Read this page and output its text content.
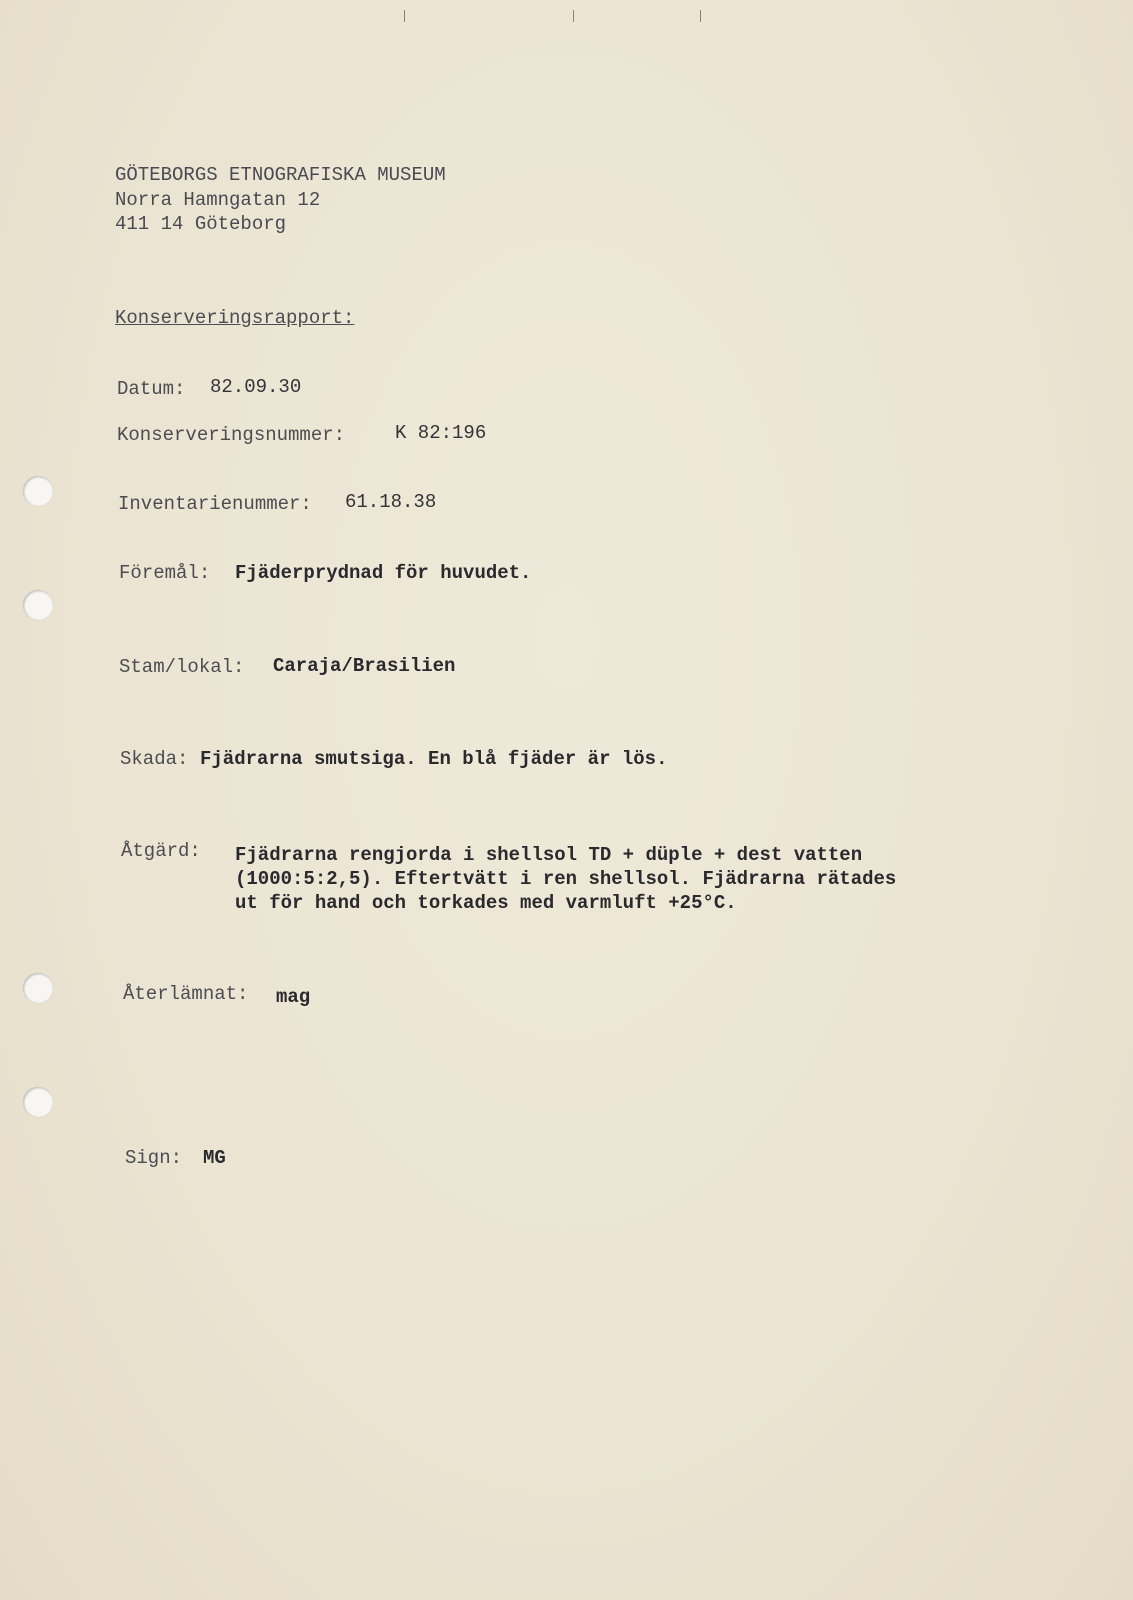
GÖTEBORGS ETNOGRAFISKA MUSEUM
Norra Hamngatan 12
411 14 Göteborg
Konserveringsrapport:
Datum: 82.09.30
Konserveringsnummer:	K 82:196
Inventarienummer: 61.18.38
Föremål: Fjäderprydnad för huvudet.
Stam/lokal: Caraja/Brasilien
Skada: Fjädrarna smutsiga. En blå fjäder är lös.
Åtgärd: Fjädrarna rengjorda i shellsol TD + düple + dest vatten
(1000:5:2,5). Eftertvätt i ren shellsol. Fjädrarna rätades
ut för hand och torkades med varmluft +25°C.
Återlämnat: mag
Sign: MG
